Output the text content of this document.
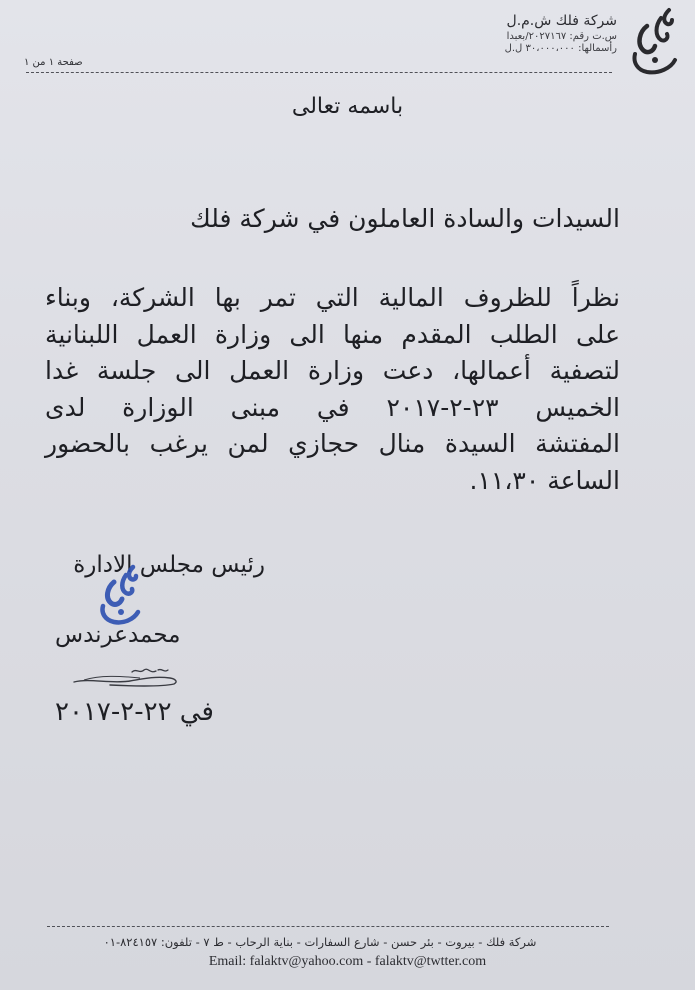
شركة فلك ش.م.ل
س.ت رقم: ٢٠٢٧١٦٧/بعبدا
رأسمالها: ٣٠،٠٠٠،٠٠٠ ل.ل
صفحة ١ من ١
باسمه تعالى
السيدات والسادة العاملون في شركة فلك
نظراً للظروف المالية التي تمر بها الشركة، وبناء
على الطلب المقدم منها الى وزارة العمل اللبنانية
لتصفية أعمالها، دعت وزارة العمل الى جلسة غدا
الخميس ٢٣-٢-٢٠١٧ في مبنى الوزارة لدى
المفتشة السيدة منال حجازي لمن يرغب بالحضور
الساعة ١١،٣٠.
رئيس مجلس الادارة
محمدعرندس
في ٢٢-٢-٢٠١٧
شركة فلك - بيروت - بئر حسن - شارع السفارات - بناية الرحاب - ط ٧ - تلفون: ٨٢٤١٥٧-٠١
Email: falaktv@yahoo.com - falaktv@twtter.com
